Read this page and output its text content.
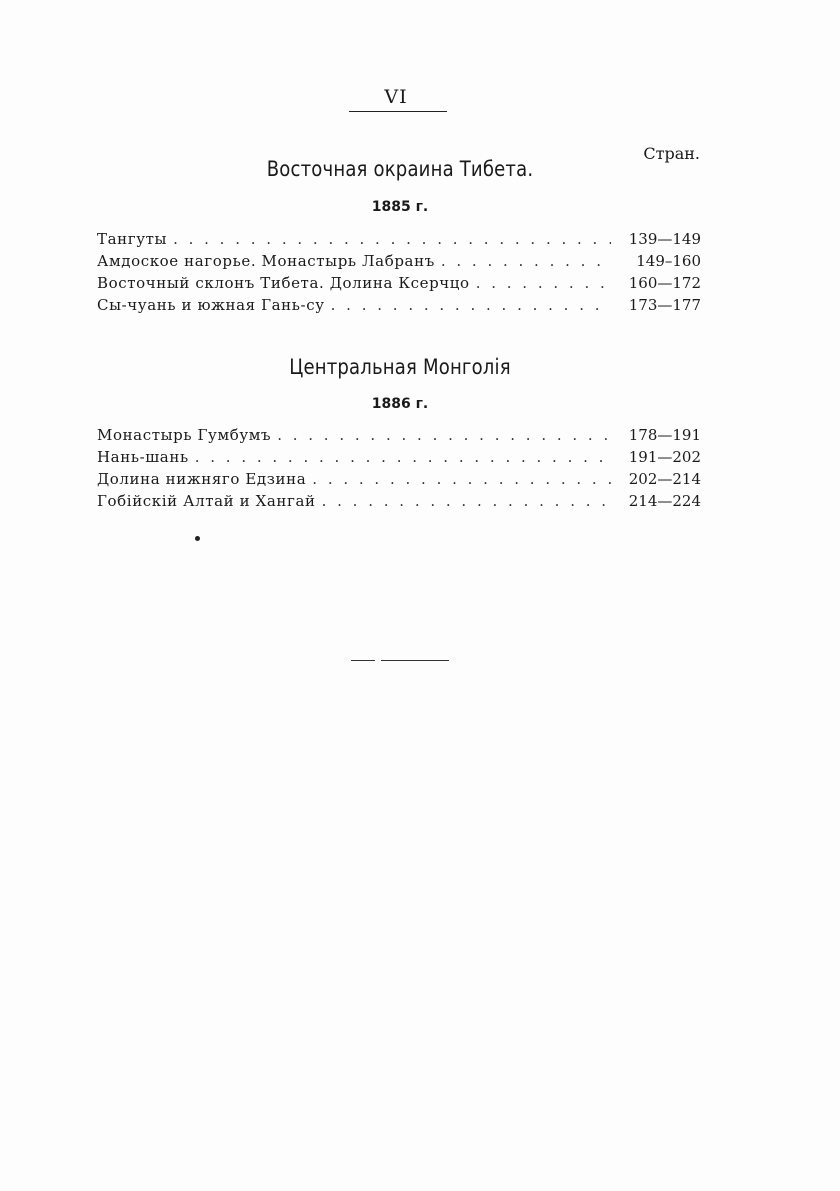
VI
Стран.
Восточная окраина Тибета.
1885 г.
Тангуты . . .	139—149
Амдоское нагорье. Монастырь Лабранъ . . .	149–160
Восточный склонъ Тибета. Долина Ксерчцо . . .	160—172
Сы-чуань и южная Гань-су . . .	173—177
Центральная Монголія
1886 г.
Монастырь Гумбумъ . . .	178—191
Нань-шань . . .	191—202
Долина нижняго Едзина . . .	202—214
Гобійскій Алтай и Хангай . . .	214—224
